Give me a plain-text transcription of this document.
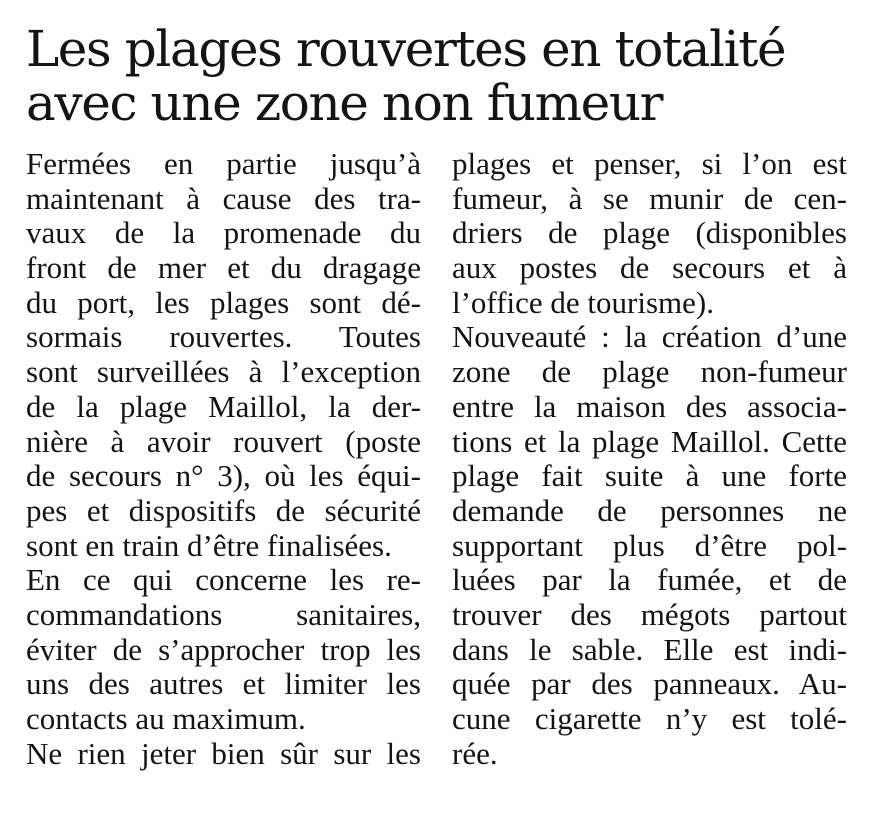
Les plages rouvertes en totalité
avec une zone non fumeur
Fermées en partie jusqu’à
maintenant à cause des tra-
vaux de la promenade du
front de mer et du dragage
du port, les plages sont dé-
sormais rouvertes. Toutes
sont surveillées à l’exception
de la plage Maillol, la der-
nière à avoir rouvert (poste
de secours n° 3), où les équi-
pes et dispositifs de sécurité
sont en train d’être finalisées.
En ce qui concerne les re-
commandations sanitaires,
éviter de s’approcher trop les
uns des autres et limiter les
contacts au maximum.
Ne rien jeter bien sûr sur les
plages et penser, si l’on est
fumeur, à se munir de cen-
driers de plage (disponibles
aux postes de secours et à
l’office de tourisme).
Nouveauté : la création d’une
zone de plage non-fumeur
entre la maison des associa-
tions et la plage Maillol. Cette
plage fait suite à une forte
demande de personnes ne
supportant plus d’être pol-
luées par la fumée, et de
trouver des mégots partout
dans le sable. Elle est indi-
quée par des panneaux. Au-
cune cigarette n’y est tolé-
rée.
